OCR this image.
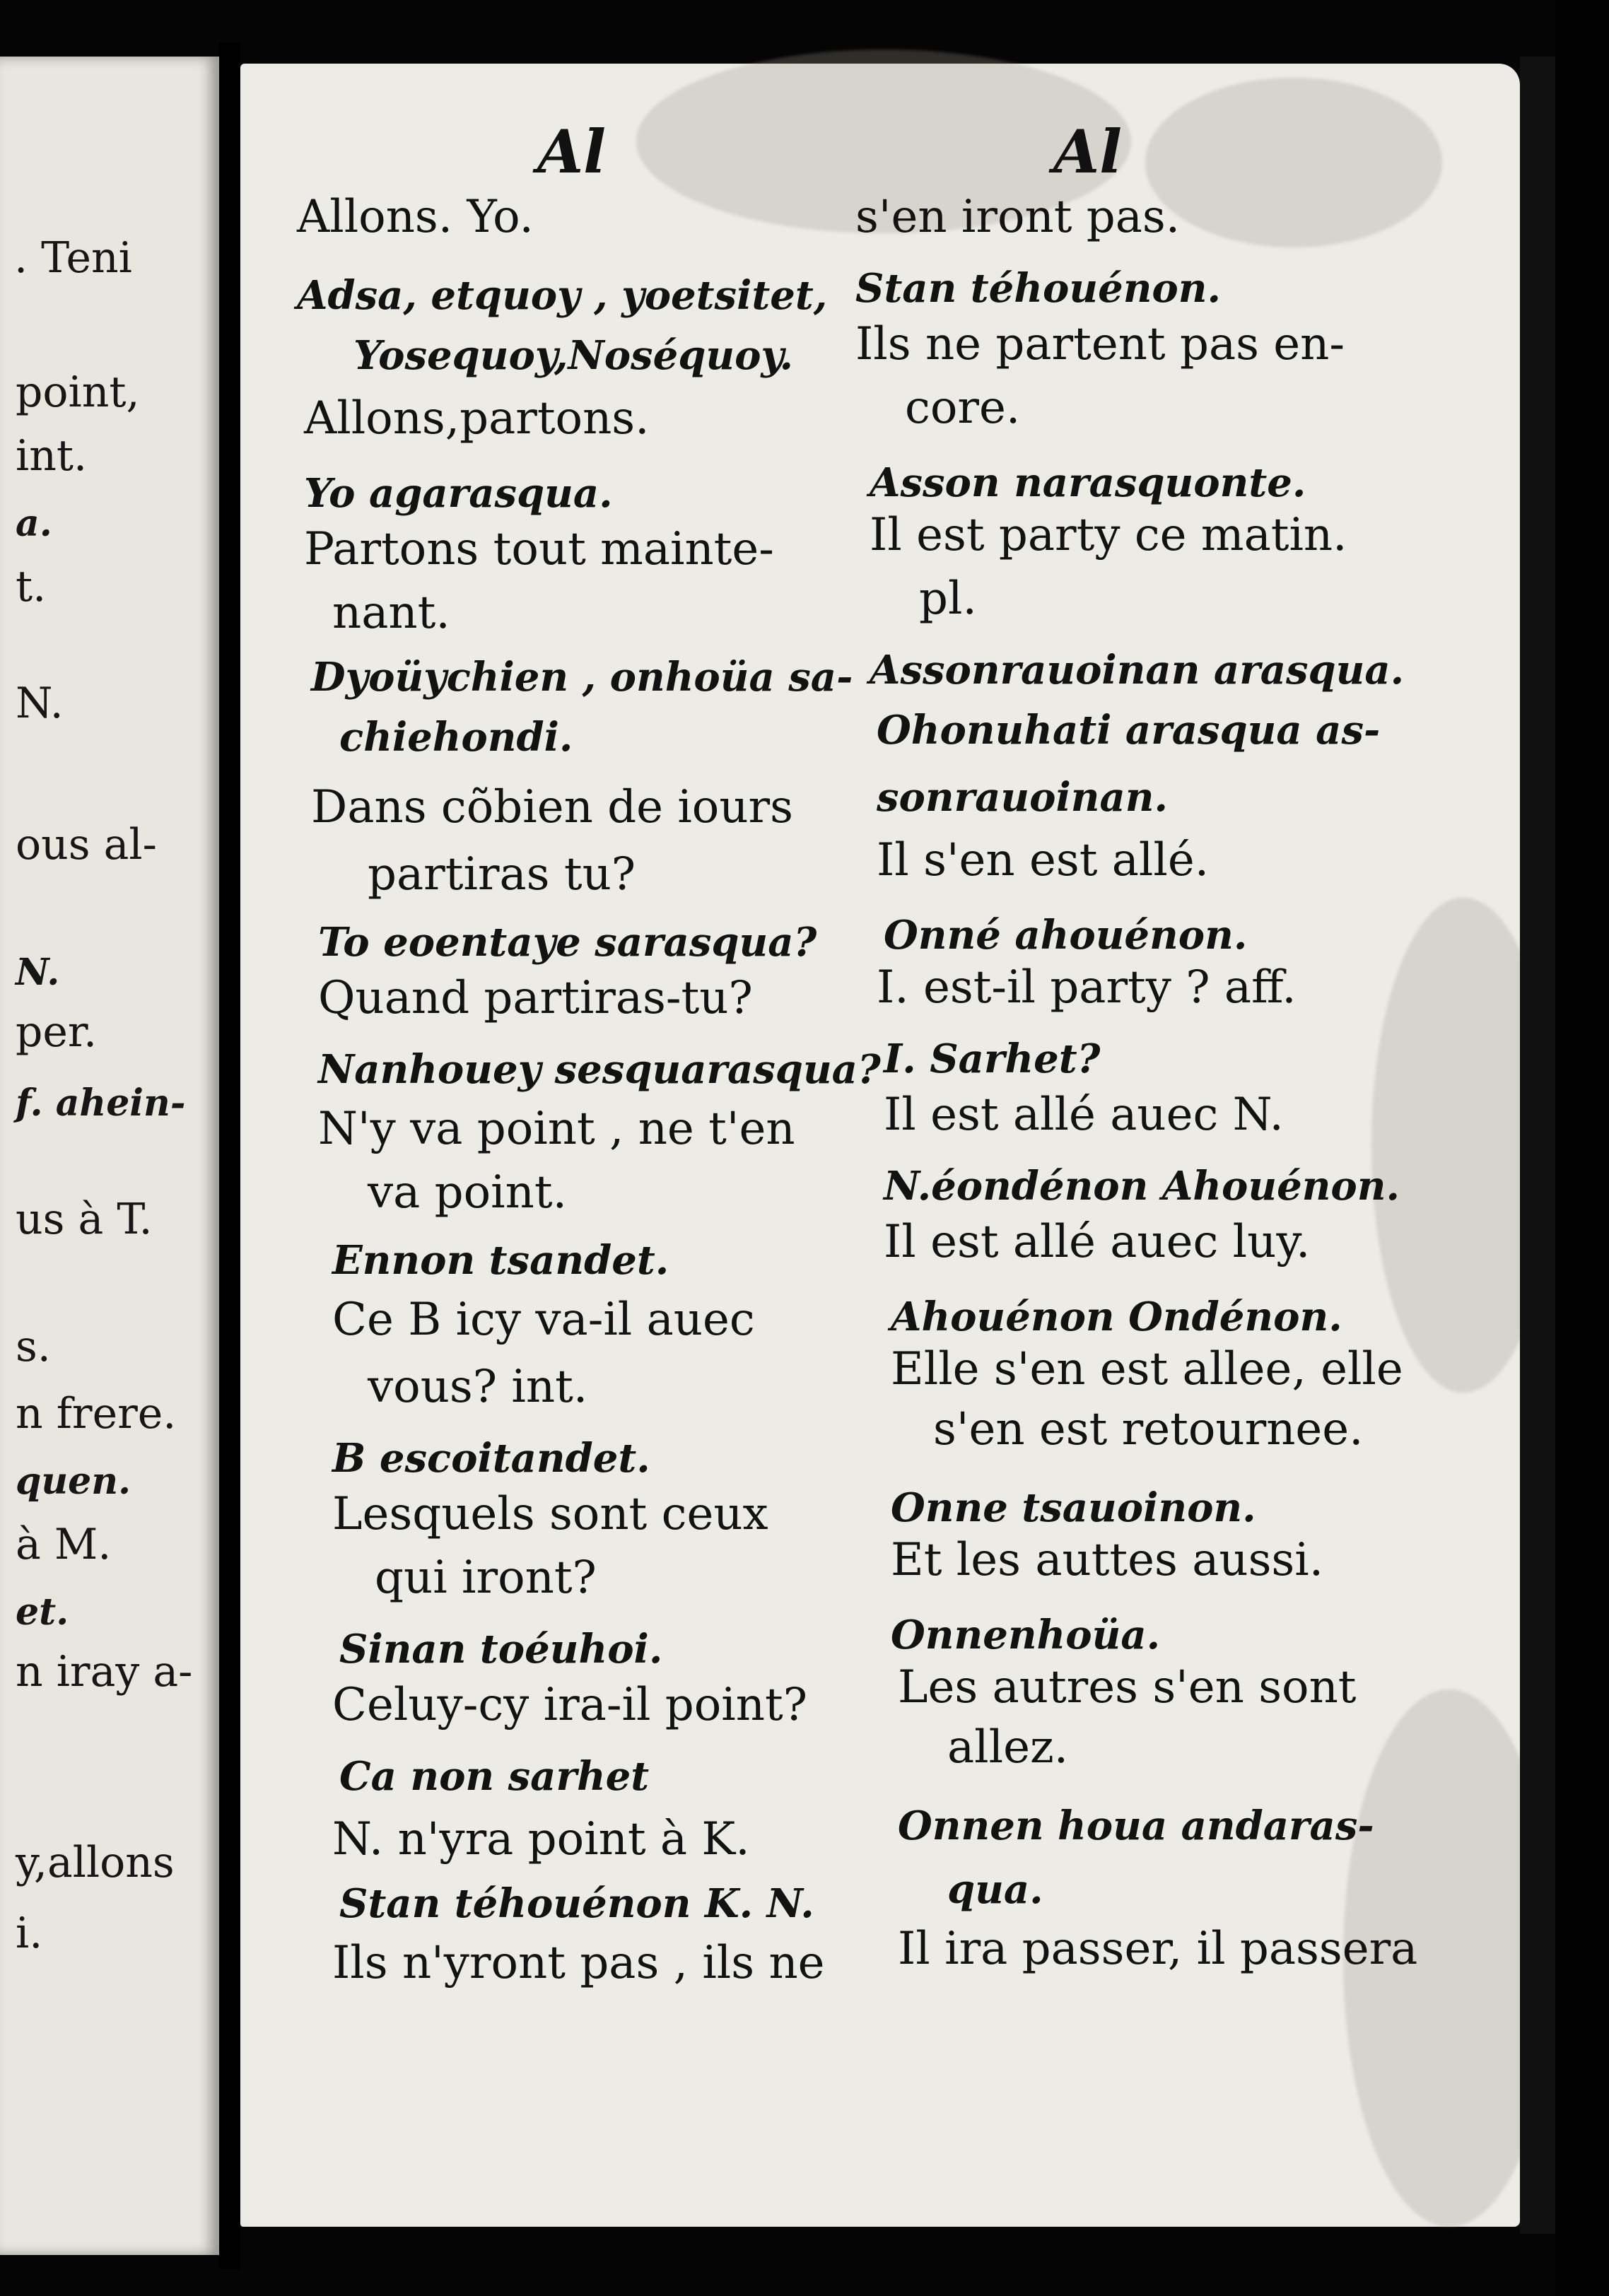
. Teni
point,
int.
a.
t.
N.
ous al-
N.
per.
f. ahein-
us à T.
s.
n frere.
quen.
à M.
et.
n iray a-
y,allons
i.
Al	Al
Allons. Yo.
Adsa, etquoy , yoetsitet,
Yosequoy,Noséquoy.
Allons,partons.
Yo agarasqua.
Partons tout mainte-
nant.
Dyoüychien , onhoüa sa-
chiehondi.
Dans cõbien de iours
partiras tu?
To eoentaye sarasqua?
Quand partiras-tu?
Nanhouey sesquarasqua?
N'y va point , ne t'en
va point.
Ennon tsandet.
Ce B icy va-il auec
vous? int.
B escoitandet.
Lesquels sont ceux
qui iront?
Sinan toéuhoi.
Celuy-cy ira-il point?
Ca non sarhet
N. n'yra point à K.
Stan téhouénon K. N.
Ils n'yront pas , ils ne
s'en iront pas.
Stan téhouénon.
Ils ne partent pas en-
core.
Asson narasquonte.
Il est party ce matin.
pl.
Assonrauoinan arasqua.
Ohonuhati arasqua as-
sonrauoinan.
Il s'en est allé.
Onné ahouénon.
I. est-il party ? aff.
I. Sarhet?
Il est allé auec N.
N.éondénon Ahouénon.
Il est allé auec luy.
Ahouénon Ondénon.
Elle s'en est allee, elle
s'en est retournee.
Onne tsauoinon.
Et les auttes aussi.
Onnenhoüa.
Les autres s'en sont
allez.
Onnen houa andaras-
qua.
Il ira passer, il passera
